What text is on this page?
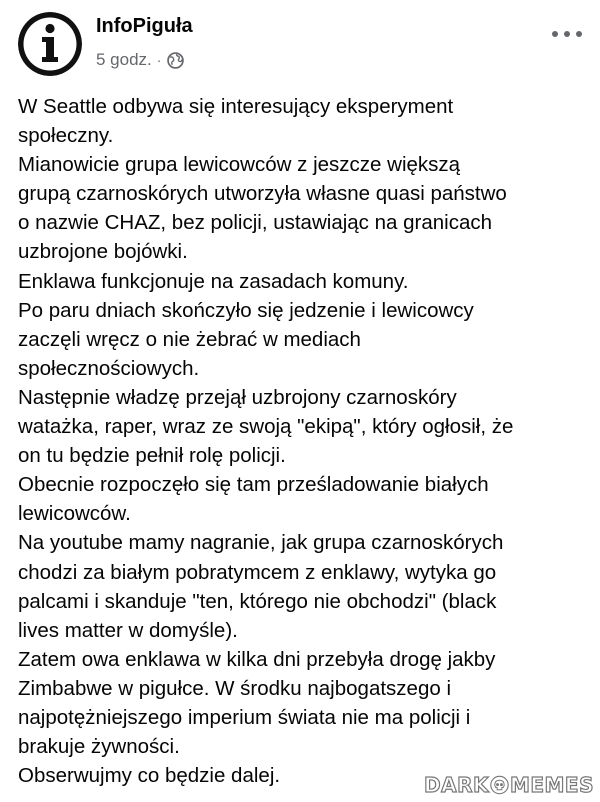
InfoPiguła
5 godz. ·

W Seattle odbywa się interesujący eksperyment

społeczny.

Mianowicie grupa lewicowców z jeszcze większą

grupą czarnoskórych utworzyła własne quasi państwo

o nazwie CHAZ, bez policji, ustawiając na granicach

uzbrojone bojówki.

Enklawa funkcjonuje na zasadach komuny.

Po paru dniach skończyło się jedzenie i lewicowcy

zaczęli wręcz o nie żebrać w mediach

społecznościowych.

Następnie władzę przejął uzbrojony czarnoskóry

watażka, raper, wraz ze swoją "ekipą", który ogłosił, że

on tu będzie pełnił rolę policji.

Obecnie rozpoczęło się tam prześladowanie białych

lewicowców.

Na youtube mamy nagranie, jak grupa czarnoskórych

chodzi za białym pobratymcem z enklawy, wytyka go

palcami i skanduje "ten, którego nie obchodzi" (black

lives matter w domyśle).

Zatem owa enklawa w kilka dni przebyła drogę jakby

Zimbabwe w pigułce. W środku najbogatszego i

najpotężniejszego imperium świata nie ma policji i

brakuje żywności.

Obserwujmy co będzie dalej.	DARK MEMES
